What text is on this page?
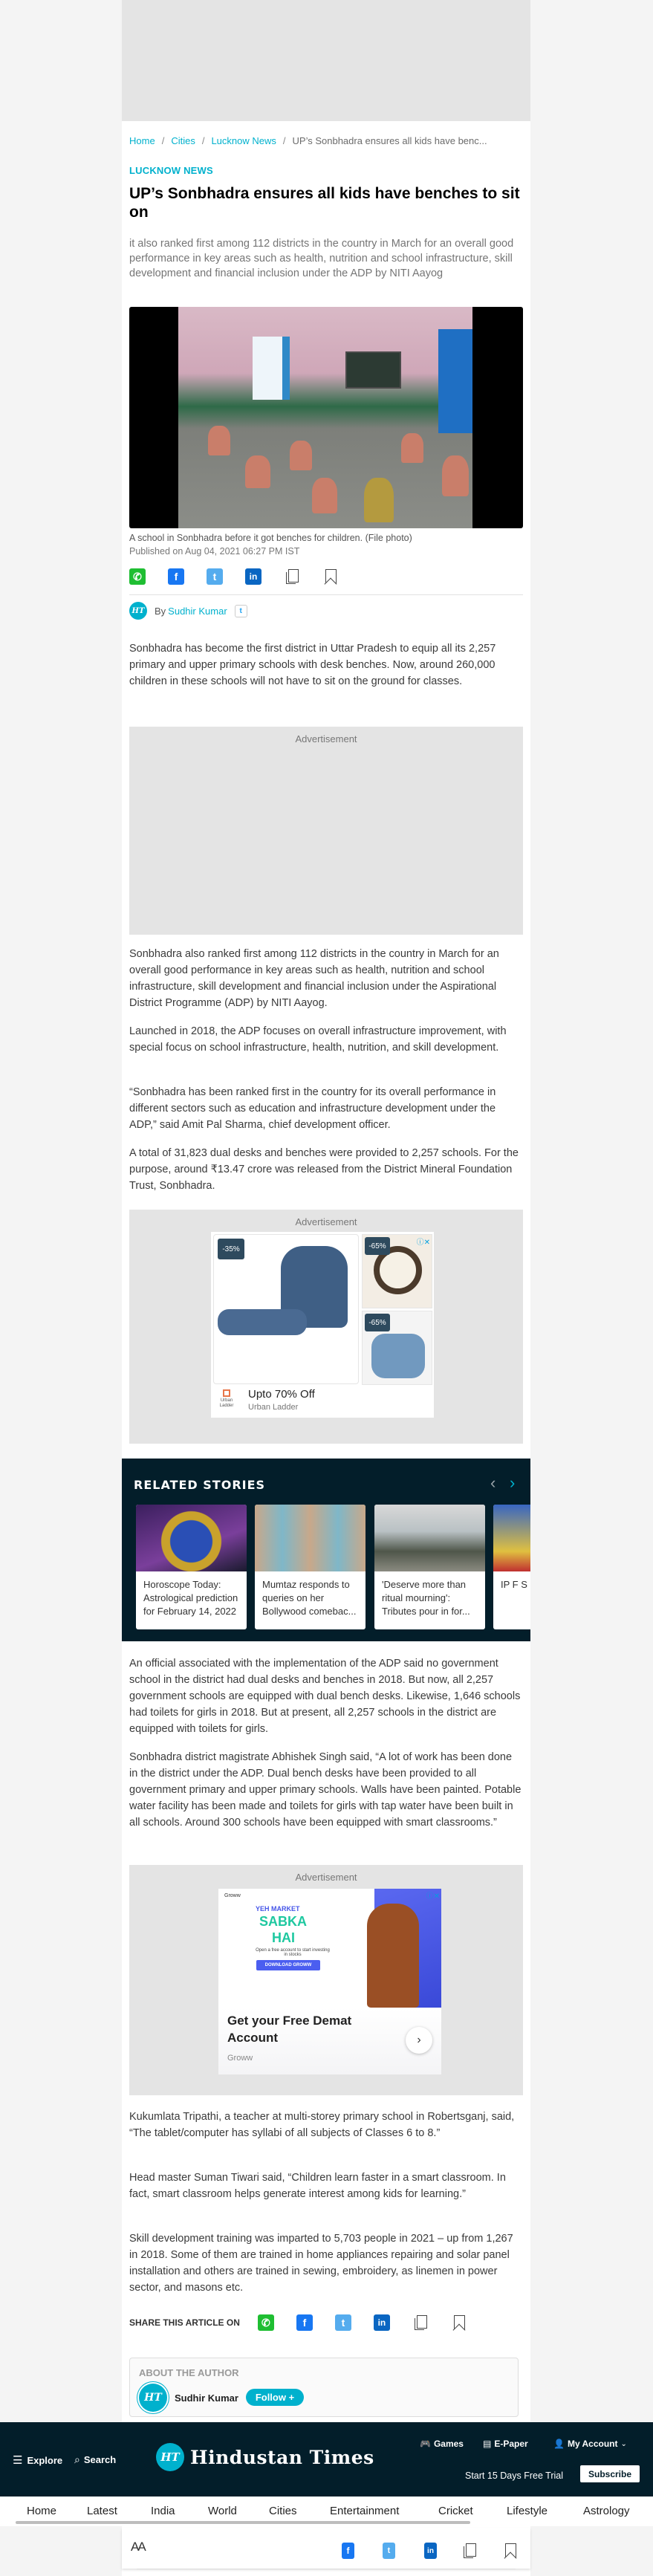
Home / Cities / Lucknow News / UP’s Sonbhadra ensures all kids have benc...
LUCKNOW NEWS
UP’s Sonbhadra ensures all kids have benches to sit on

it also ranked first among 112 districts in the country in March for an overall good performance in key areas such as health, nutrition and school infrastructure, skill development and financial inclusion under the ADP by NITI Aayog

A school in Sonbhadra before it got benches for children. (File photo)
Published on Aug 04, 2021 06:27 PM IST
✆	f	t	in
HT By Sudhir Kumar	t

Sonbhadra has become the first district in Uttar Pradesh to equip all its 2,257 primary and upper primary schools with desk benches. Now, around 260,000 children in these schools will not have to sit on the ground for classes.

Advertisement

Sonbhadra also ranked first among 112 districts in the country in March for an overall good performance in key areas such as health, nutrition and school infrastructure, skill development and financial inclusion under the Aspirational District Programme (ADP) by NITI Aayog.

Launched in 2018, the ADP focuses on overall infrastructure improvement, with special focus on school infrastructure, health, nutrition, and skill development.

“Sonbhadra has been ranked first in the country for its overall performance in different sectors such as education and infrastructure development under the ADP,” said Amit Pal Sharma, chief development officer.

A total of 31,823 dual desks and benches were provided to 2,257 schools. For the purpose, around ₹13.47 crore was released from the District Mineral Foundation Trust, Sonbhadra.

Advertisement
-35%	-65%	ⓘ✕
-65%
Urban Ladder
Upto 70% Off
Urban Ladder
RELATED STORIES	‹ ›
Horoscope Today: Astrological prediction for February 14, 2022
Mumtaz responds to queries on her Bollywood comebac...
'Deserve more than ritual mourning': Tributes pour in for...
IP F S

An official associated with the implementation of the ADP said no government school in the district had dual desks and benches in 2018. But now, all 2,257 government schools are equipped with dual bench desks. Likewise, 1,646 schools had toilets for girls in 2018. But at present, all 2,257 schools in the district are equipped with toilets for girls.

Sonbhadra district magistrate Abhishek Singh said, “A lot of work has been done in the district under the ADP. Dual bench desks have been provided to all government primary and upper primary schools. Walls have been painted. Potable water facility has been made and toilets for girls with tap water have been built in all schools. Around 300 schools have been equipped with smart classrooms.”

Advertisement
Groww
YEH MARKET
SABKA
HAI
Open a free account to start investing in stocks
DOWNLOAD GROWW
Get your Free Demat Account
Groww
›
ⓘ✕

Kukumlata Tripathi, a teacher at multi-storey primary school in Robertsganj, said, “The tablet/computer has syllabi of all subjects of Classes 6 to 8.”

Head master Suman Tiwari said, “Children learn faster in a smart classroom. In fact, smart classroom helps generate interest among kids for learning.”

Skill development training was imparted to 5,703 people in 2021 – up from 1,267 in 2018. Some of them are trained in home appliances repairing and solar panel installation and others are trained in sewing, embroidery, as linemen in power sector, and masons etc.

SHARE THIS ARTICLE ON	✆	f	t	in
ABOUT THE AUTHOR
HT	Sudhir Kumar	Follow +
☰ Explore ⌕ Search	HT Hindustan Times
🎮 Games ▤ E-Paper	👤 My Account ⌄
Start 15 Days Free Trial	Subscribe
Home	Latest	India	World	Cities	Entertainment	Cricket	Lifestyle	Astrology
AA	f	t	in
